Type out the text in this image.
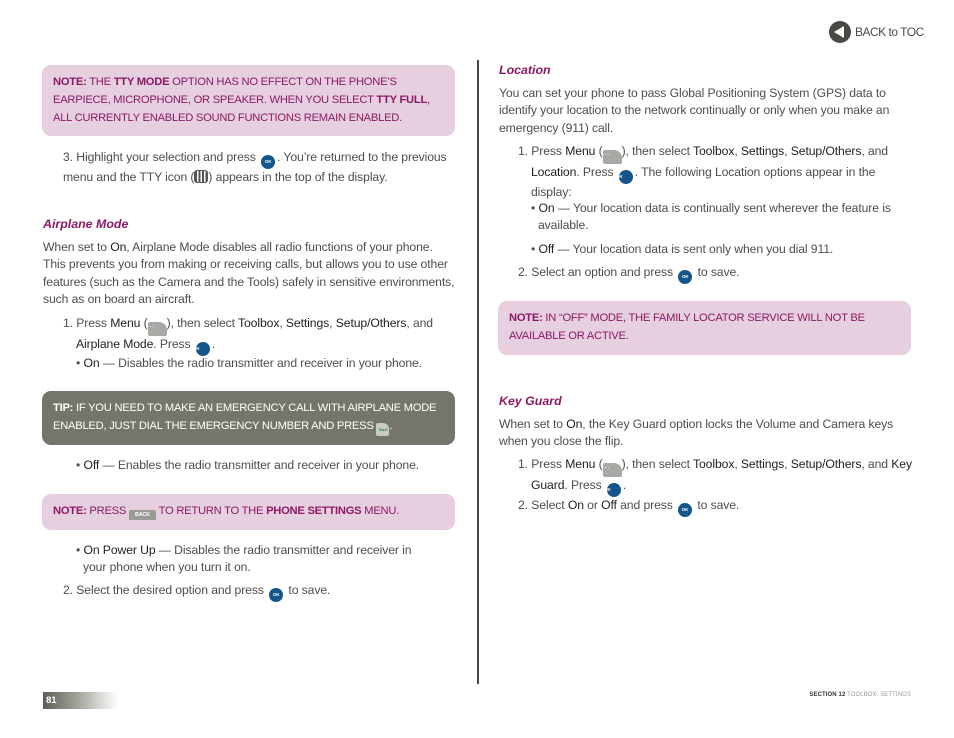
BACK to TOC
NOTE: THE TTY MODE OPTION HAS NO EFFECT ON THE PHONE’S EARPIECE, MICROPHONE, OR SPEAKER. WHEN YOU SELECT TTY FULL, ALL CURRENTLY ENABLED SOUND FUNCTIONS REMAIN ENABLED.
3. Highlight your selection and press OK . You’re returned to the previous menu and the TTY icon ( ) appears in the top of the display.
Airplane Mode
When set to On, Airplane Mode disables all radio functions of your phone. This prevents you from making or receiving calls, but allows you to use other features (such as the Camera and the Tools) safely in sensitive environments, such as on board an aircraft.
1. Press Menu (··· ), then select Toolbox, Settings, Setup/Others, and Airplane Mode. Press OK .
• On — Disables the radio transmitter and receiver in your phone.
TIP: IF YOU NEED TO MAKE AN EMERGENCY CALL WITH AIRPLANE MODE ENABLED, JUST DIAL THE EMERGENCY NUMBER AND PRESS TALK .
• Off — Enables the radio transmitter and receiver in your phone.
NOTE: PRESS BACK TO RETURN TO THE PHONE SETTINGS MENU.
• On Power Up — Disables the radio transmitter and receiver in your phone when you turn it on.
2. Select the desired option and press OK to save.
Location
You can set your phone to pass Global Positioning System (GPS) data to identify your location to the network continually or only when you make an emergency (911) call.
1. Press Menu (··· ), then select Toolbox, Settings, Setup/Others, and Location. Press OK . The following Location options appear in the display:
• On — Your location data is continually sent wherever the feature is available.
• Off — Your location data is sent only when you dial 911.
2. Select an option and press OK to save.
NOTE: IN “OFF” MODE, THE FAMILY LOCATOR SERVICE WILL NOT BE AVAILABLE OR ACTIVE.
Key Guard
When set to On, the Key Guard option locks the Volume and Camera keys when you close the flip.
1. Press Menu (··· ), then select Toolbox, Settings, Setup/Others, and Key Guard. Press OK .
2. Select On or Off and press OK to save.
81	SECTION 12 TOOLBOX: SETTINGS
